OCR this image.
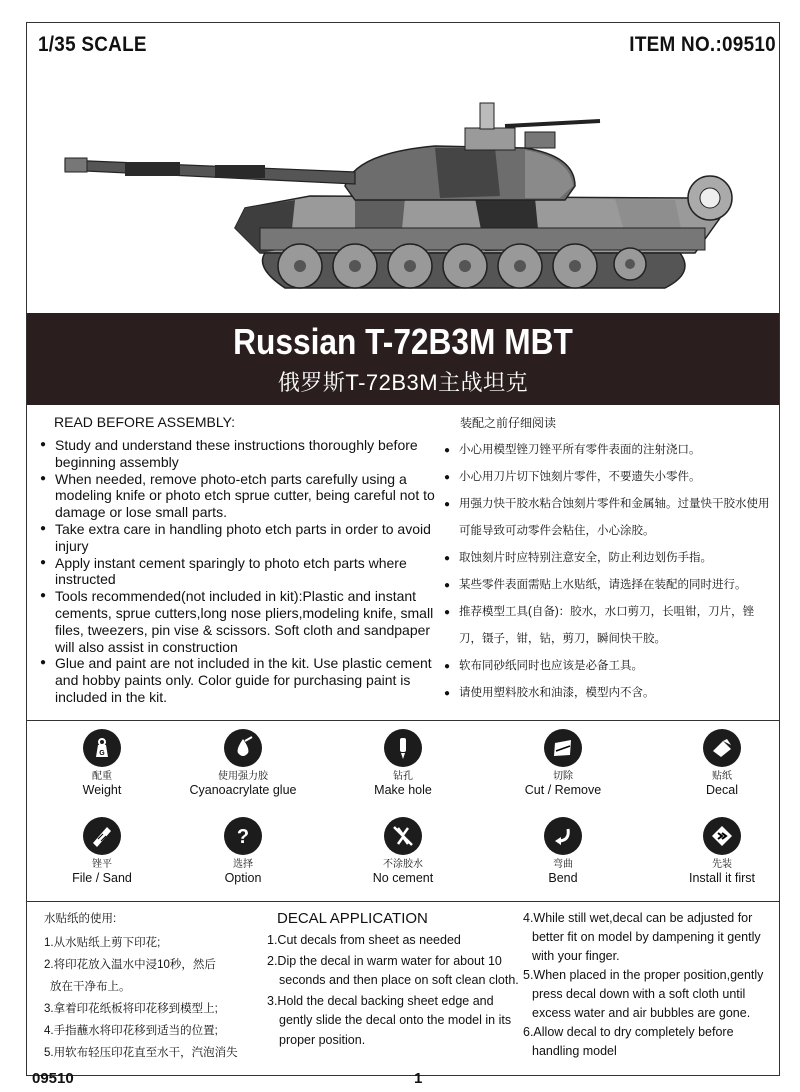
1/35 SCALE	ITEM NO.:09510
Russian T-72B3M MBT
俄罗斯T-72B3M主战坦克
READ BEFORE ASSEMBLY:	装配之前仔细阅读
● Study and understand these instructions thoroughly before beginning assembly
● When needed, remove photo-etch parts carefully using a modeling knife or photo etch sprue cutter, being careful not to damage or lose small parts.
● Take extra care in handling photo etch parts in order to avoid injury
● Apply instant cement sparingly to photo etch parts where instructed
● Tools recommended(not included in kit):Plastic and instant cements, sprue cutters,long nose pliers,modeling knife, small files, tweezers, pin vise & scissors. Soft cloth and sandpaper will also assist in construction
● Glue and paint are not included in the kit. Use plastic cement and hobby paints only. Color guide for purchasing paint is included in the kit.
● 小心用模型锉刀锉平所有零件表面的注射浇口。
● 小心用刀片切下蚀刻片零件，不要遗失小零件。
● 用强力快干胶水粘合蚀刻片零件和金属轴。过量快干胶水使用可能导致可动零件会粘住，小心涂胶。
● 取蚀刻片时应特别注意安全，防止利边划伤手指。
● 某些零件表面需贴上水贴纸，请选择在装配的同时进行。
● 推荐模型工具(自备)：胶水，水口剪刀，长咀钳，刀片，锉刀，镊子，钳，钻，剪刀，瞬间快干胶。
● 软布同砂纸同时也应该是必备工具。
● 请使用塑料胶水和油漆，模型内不含。
G
配重
Weight
使用强力胶
Cyanoacrylate glue
钻孔
Make hole
切除
Cut / Remove
贴纸
Decal
锉平
File / Sand
?
选择
Option
不涂胶水
No cement
弯曲
Bend
先装
Install it first
水贴纸的使用:
1.从水贴纸上剪下印花;
2.将印花放入温水中浸10秒，然后
放在干净布上。
3.拿着印花纸板将印花移到模型上;
4.手指蘸水将印花移到适当的位置;
5.用软布轻压印花直至水干，汽泡消失
DECAL APPLICATION
1.Cut decals from sheet as needed
2.Dip the decal in warm water for about 10 seconds and then place on soft clean cloth.
3.Hold the decal backing sheet edge and gently slide the decal onto the model in its proper position.
4.While still wet,decal can be adjusted for better fit on model by dampening it gently with your finger.
5.When placed in the proper position,gently press decal down with a soft cloth until excess water and air bubbles are gone.
6.Allow decal to dry completely before handling model
09510	1
